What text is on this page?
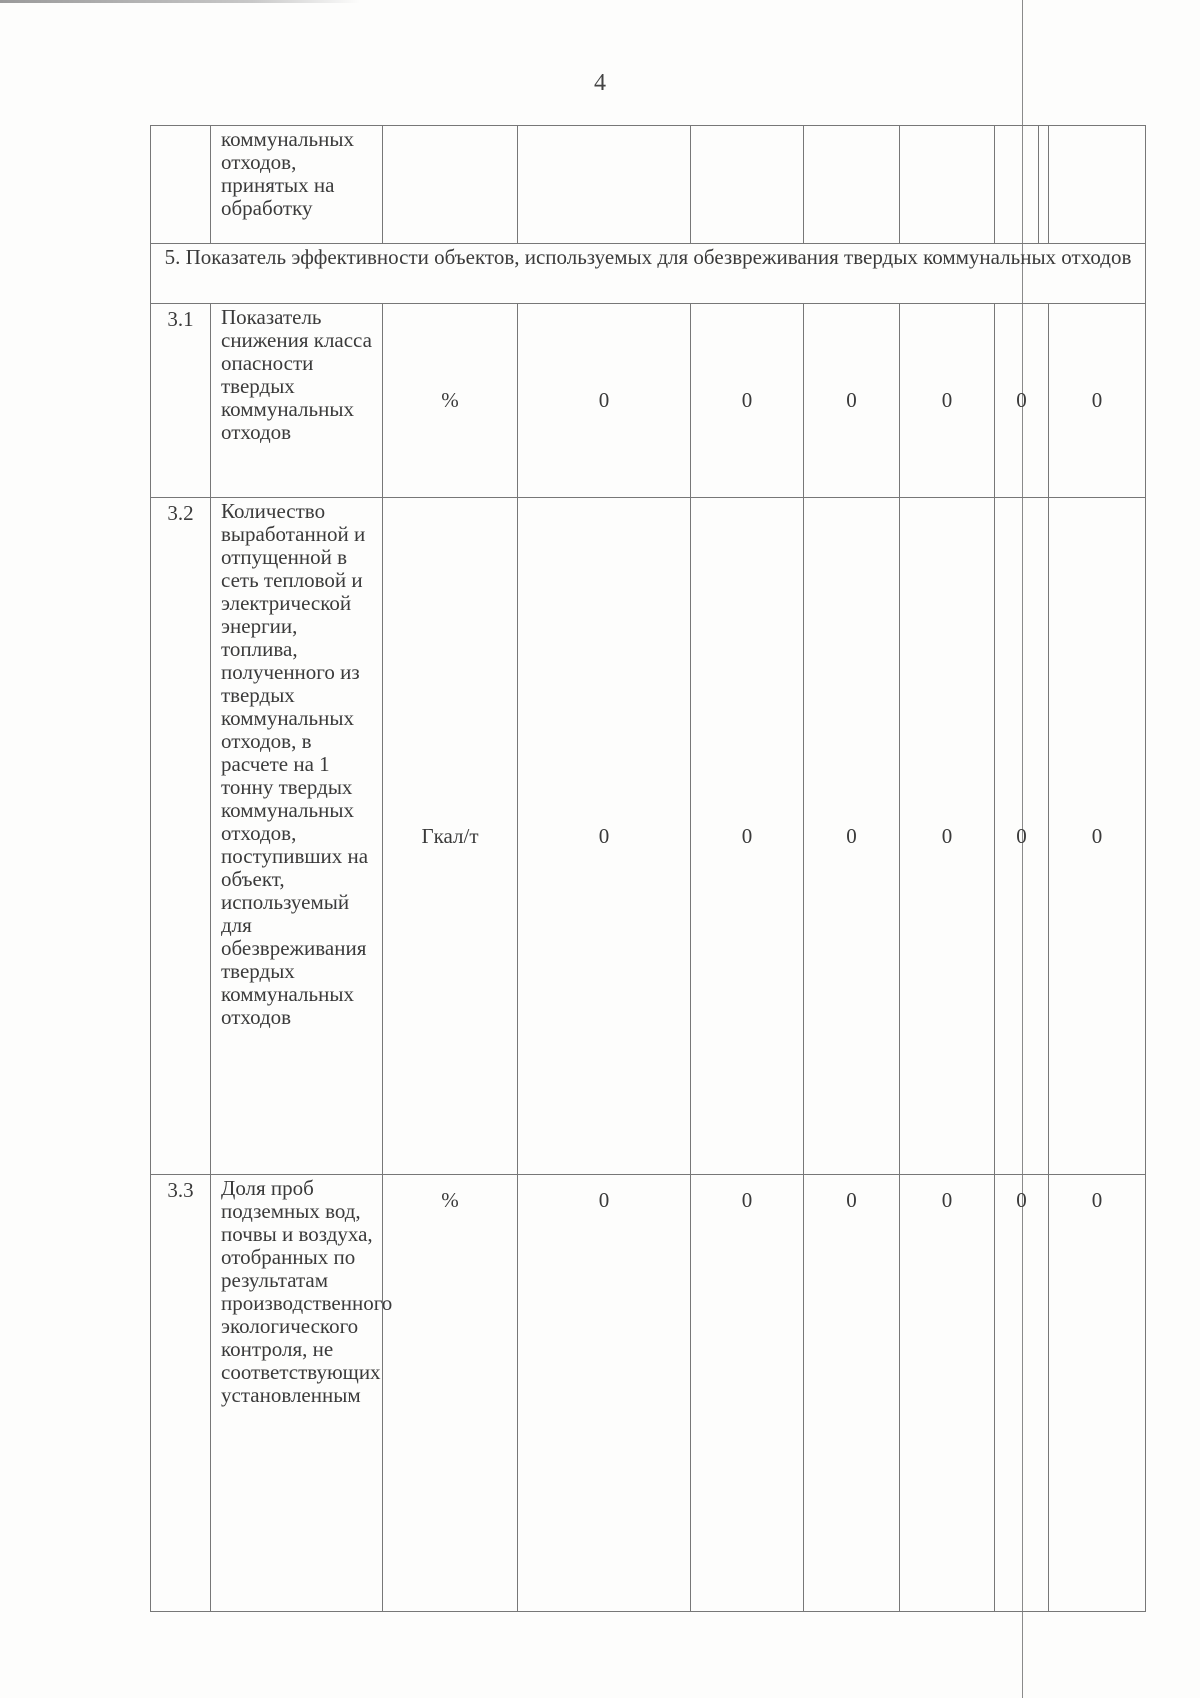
4
	коммунальных отходов, принятых на обработку								
5. Показатель эффективности объектов, используемых для обезвреживания твердых коммунальных отходов									
3.1	Показатель снижения класса опасности твердых коммунальных отходов	%	0	0	0	0	0		0
3.2	Количество выработанной и отпущенной в сеть тепловой и электрической энергии, топлива, полученного из твердых коммунальных отходов, в расчете на 1 тонну твердых коммунальных отходов, поступивших на объект, используемый для обезвреживания твердых коммунальных отходов	Гкал/т	0	0	0	0	0		0
3.3	Доля проб подземных вод, почвы и воздуха, отобранных по результатам производственного экологического контроля, не соответствующих установленным	%	0	0	0	0	0		0
